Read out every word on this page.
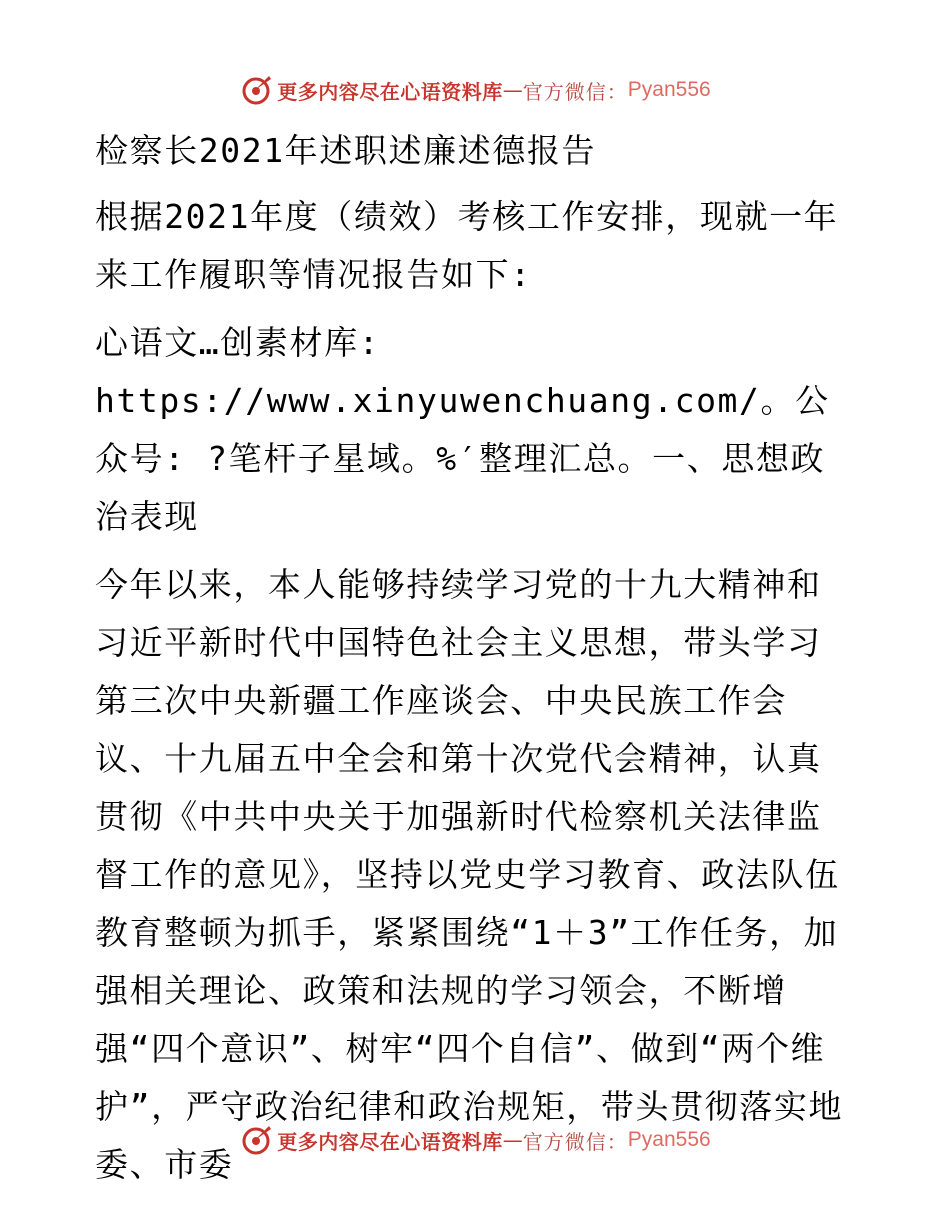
更多内容尽在心语资料库 — 官方微信： Pyan556

检察长2021年述职述廉述德报告

根据2021年度（绩效）考核工作安排，现就一年来工作履职等情况报告如下:

心语文…创素材库: https://www.xinyuwenchuang.com/。公众号: ?笔杆子星域。%′整理汇总。一、思想政治表现

今年以来，本人能够持续学习党的十九大精神和习近平新时代中国特色社会主义思想，带头学习第三次中央新疆工作座谈会、中央民族工作会议、十九届五中全会和第十次党代会精神，认真贯彻《中共中央关于加强新时代检察机关法律监督工作的意见》，坚持以党史学习教育、政法队伍教育整顿为抓手，紧紧围绕“1＋3”工作任务，加强相关理论、政策和法规的学习领会，不断增强“四个意识”、树牢“四个自信”、做到“两个维护”，严守政治纪律和政治规矩，带头贯彻落实地委、市委

更多内容尽在心语资料库 — 官方微信： Pyan556
